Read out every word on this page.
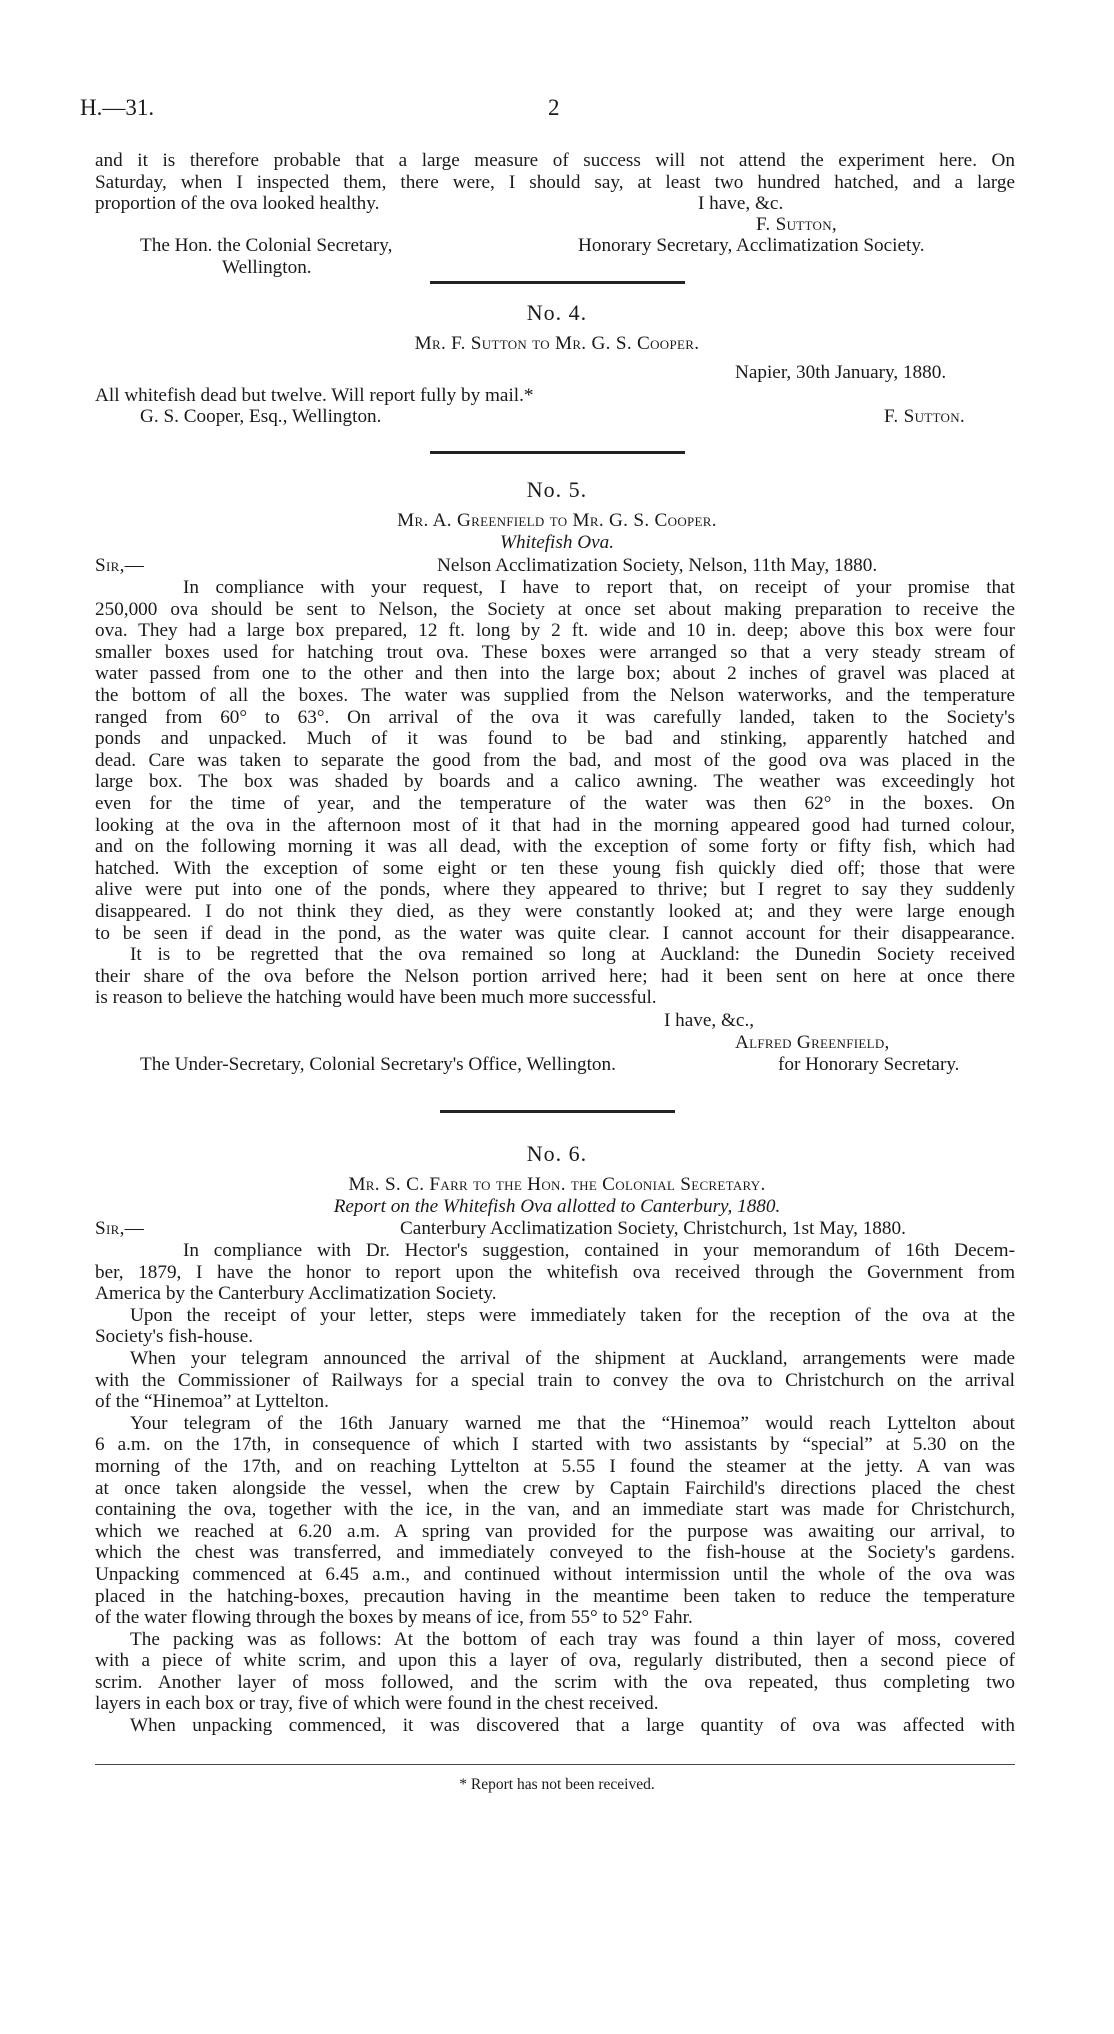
H.—31.	2
and it is therefore probable that a large measure of success will not attend the experiment here. On
Saturday, when I inspected them, there were, I should say, at least two hundred hatched, and a large
proportion of the ova looked healthy.	I have, &c.
F. Sutton,
The Hon. the Colonial Secretary,	Honorary Secretary, Acclimatization Society.
Wellington.
No. 4.
Mr. F. Sutton to Mr. G. S. Cooper.
Napier, 30th January, 1880.
All whitefish dead but twelve. Will report fully by mail.*
G. S. Cooper, Esq., Wellington.	F. Sutton.
No. 5.
Mr. A. Greenfield to Mr. G. S. Cooper.
Whitefish Ova.
Sir,—	Nelson Acclimatization Society, Nelson, 11th May, 1880.
In compliance with your request, I have to report that, on receipt of your promise that
250,000 ova should be sent to Nelson, the Society at once set about making preparation to receive the
ova. They had a large box prepared, 12 ft. long by 2 ft. wide and 10 in. deep; above this box were four
smaller boxes used for hatching trout ova. These boxes were arranged so that a very steady stream of
water passed from one to the other and then into the large box; about 2 inches of gravel was placed at
the bottom of all the boxes. The water was supplied from the Nelson waterworks, and the temperature
ranged from 60° to 63°. On arrival of the ova it was carefully landed, taken to the Society's
ponds and unpacked. Much of it was found to be bad and stinking, apparently hatched and
dead. Care was taken to separate the good from the bad, and most of the good ova was placed in the
large box. The box was shaded by boards and a calico awning. The weather was exceedingly hot
even for the time of year, and the temperature of the water was then 62° in the boxes. On
looking at the ova in the afternoon most of it that had in the morning appeared good had turned colour,
and on the following morning it was all dead, with the exception of some forty or fifty fish, which had
hatched. With the exception of some eight or ten these young fish quickly died off; those that were
alive were put into one of the ponds, where they appeared to thrive; but I regret to say they suddenly
disappeared. I do not think they died, as they were constantly looked at; and they were large enough
to be seen if dead in the pond, as the water was quite clear. I cannot account for their disappearance.
It is to be regretted that the ova remained so long at Auckland: the Dunedin Society received
their share of the ova before the Nelson portion arrived here; had it been sent on here at once there
is reason to believe the hatching would have been much more successful.
I have, &c.,
Alfred Greenfield,
The Under-Secretary, Colonial Secretary's Office, Wellington.	for Honorary Secretary.
No. 6.
Mr. S. C. Farr to the Hon. the Colonial Secretary.
Report on the Whitefish Ova allotted to Canterbury, 1880.
Sir,—	Canterbury Acclimatization Society, Christchurch, 1st May, 1880.
In compliance with Dr. Hector's suggestion, contained in your memorandum of 16th Decem-
ber, 1879, I have the honor to report upon the whitefish ova received through the Government from
America by the Canterbury Acclimatization Society.
Upon the receipt of your letter, steps were immediately taken for the reception of the ova at the
Society's fish-house.
When your telegram announced the arrival of the shipment at Auckland, arrangements were made
with the Commissioner of Railways for a special train to convey the ova to Christchurch on the arrival
of the “Hinemoa” at Lyttelton.
Your telegram of the 16th January warned me that the “Hinemoa” would reach Lyttelton about
6 a.m. on the 17th, in consequence of which I started with two assistants by “special” at 5.30 on the
morning of the 17th, and on reaching Lyttelton at 5.55 I found the steamer at the jetty. A van was
at once taken alongside the vessel, when the crew by Captain Fairchild's directions placed the chest
containing the ova, together with the ice, in the van, and an immediate start was made for Christchurch,
which we reached at 6.20 a.m. A spring van provided for the purpose was awaiting our arrival, to
which the chest was transferred, and immediately conveyed to the fish-house at the Society's gardens.
Unpacking commenced at 6.45 a.m., and continued without intermission until the whole of the ova was
placed in the hatching-boxes, precaution having in the meantime been taken to reduce the temperature
of the water flowing through the boxes by means of ice, from 55° to 52° Fahr.
The packing was as follows: At the bottom of each tray was found a thin layer of moss, covered
with a piece of white scrim, and upon this a layer of ova, regularly distributed, then a second piece of
scrim. Another layer of moss followed, and the scrim with the ova repeated, thus completing two
layers in each box or tray, five of which were found in the chest received.
When unpacking commenced, it was discovered that a large quantity of ova was affected with
* Report has not been received.
